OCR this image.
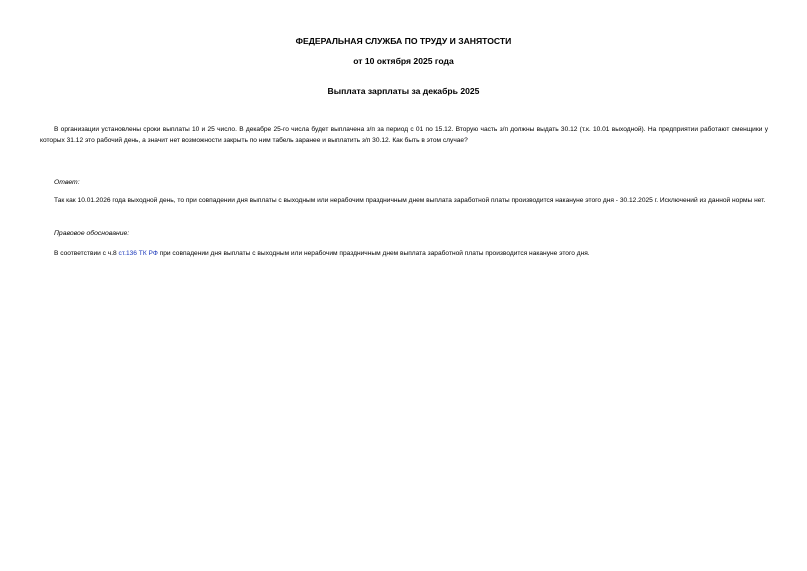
ФЕДЕРАЛЬНАЯ СЛУЖБА ПО ТРУДУ И ЗАНЯТОСТИ
от 10 октября 2025 года
Выплата зарплаты за декабрь 2025
В организации установлены сроки выплаты 10 и 25 число. В декабре 25-го числа будет выплачена з/п за период с 01 по 15.12. Вторую часть з/п должны выдать 30.12 (т.к. 10.01 выходной). На предприятии работают сменщики у которых 31.12 это рабочий день, а значит нет возможности закрыть по ним табель заранее и выплатить з/п 30.12. Как быть в этом случае?
Ответ:
Так как 10.01.2026 года выходной день, то при совпадении дня выплаты с выходным или нерабочим праздничным днем выплата заработной платы производится накануне этого дня - 30.12.2025 г. Исключений из данной нормы нет.
Правовое обоснование:
В соответствии с ч.8 ст.136 ТК РФ при совпадении дня выплаты с выходным или нерабочим праздничным днем выплата заработной платы производится накануне этого дня.
